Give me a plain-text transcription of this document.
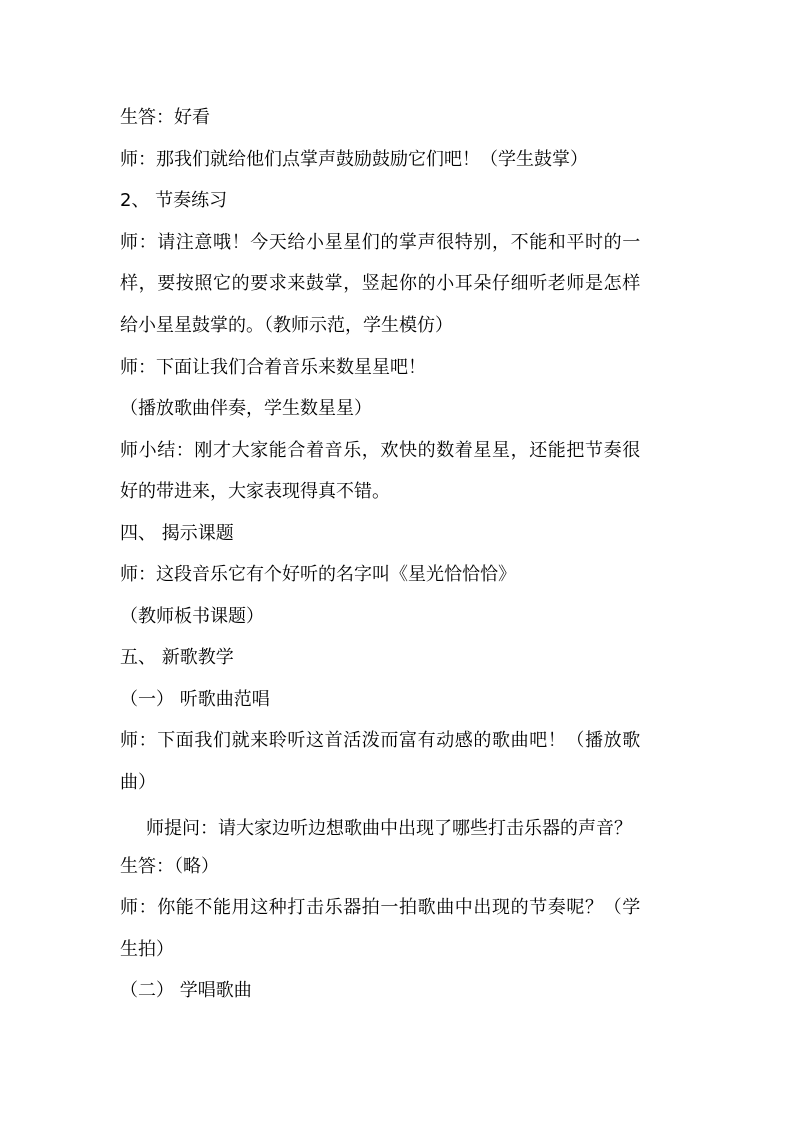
生答：好看
师：那我们就给他们点掌声鼓励鼓励它们吧！（学生鼓掌）
2、 节奏练习
师：请注意哦！今天给小星星们的掌声很特别，不能和平时的一
样，要按照它的要求来鼓掌，竖起你的小耳朵仔细听老师是怎样
给小星星鼓掌的。（教师示范，学生模仿）
师：下面让我们合着音乐来数星星吧！
（播放歌曲伴奏，学生数星星）
师小结：刚才大家能合着音乐，欢快的数着星星，还能把节奏很
好的带进来，大家表现得真不错。
四、 揭示课题
师：这段音乐它有个好听的名字叫《星光恰恰恰》
（教师板书课题）
五、 新歌教学
（一） 听歌曲范唱
师：下面我们就来聆听这首活泼而富有动感的歌曲吧！（播放歌
曲）
师提问：请大家边听边想歌曲中出现了哪些打击乐器的声音？
生答：（略）
师：你能不能用这种打击乐器拍一拍歌曲中出现的节奏呢？（学
生拍）
（二） 学唱歌曲
